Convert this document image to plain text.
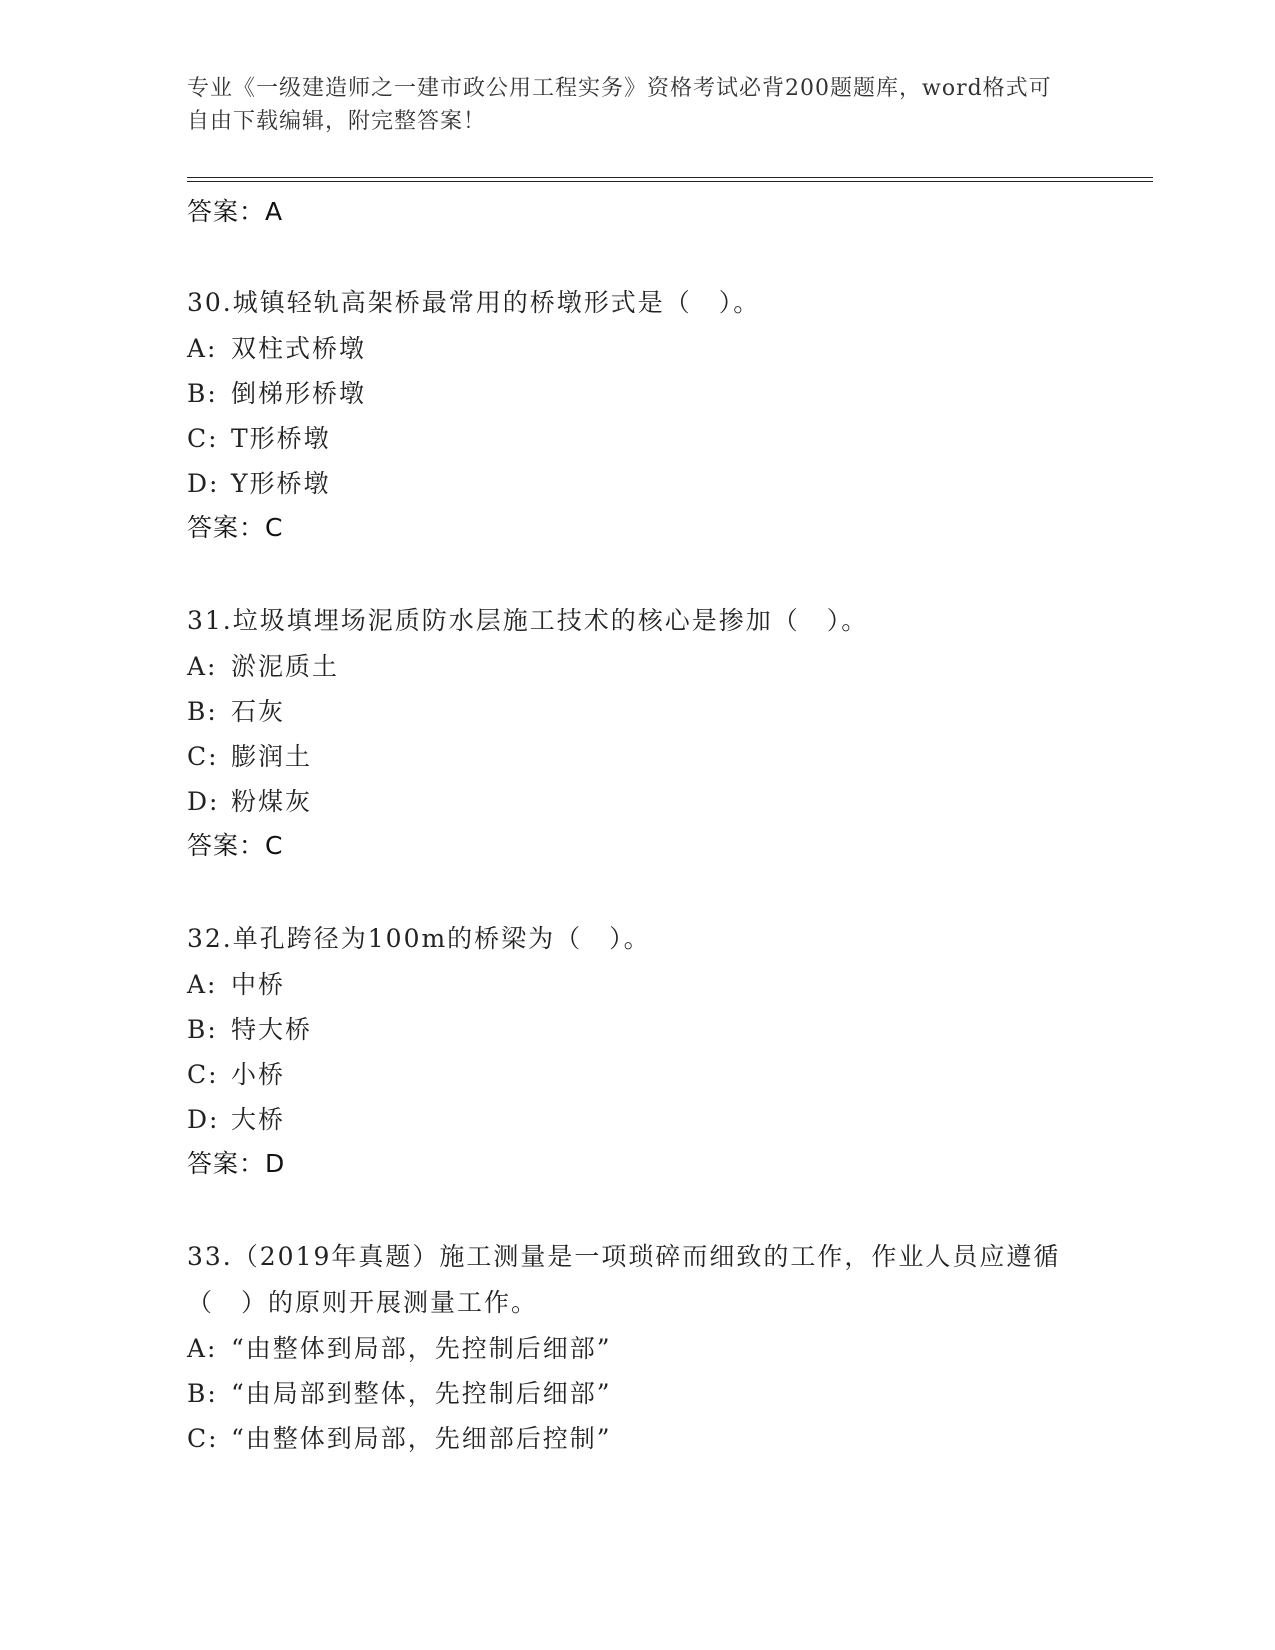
专业《一级建造师之一建市政公用工程实务》资格考试必背200题题库，word格式可自由下载编辑，附完整答案！
答案：A
30.城镇轻轨高架桥最常用的桥墩形式是（　）。
A: 双柱式桥墩
B: 倒梯形桥墩
C: T形桥墩
D: Y形桥墩
答案：C
31.垃圾填埋场泥质防水层施工技术的核心是掺加（　）。
A: 淤泥质土
B: 石灰
C: 膨润土
D: 粉煤灰
答案：C
32.单孔跨径为100m的桥梁为（　）。
A: 中桥
B: 特大桥
C: 小桥
D: 大桥
答案：D
33.（2019年真题）施工测量是一项琐碎而细致的工作，作业人员应遵循（　）的原则开展测量工作。
A: “由整体到局部，先控制后细部”
B: “由局部到整体，先控制后细部”
C: “由整体到局部，先细部后控制”
